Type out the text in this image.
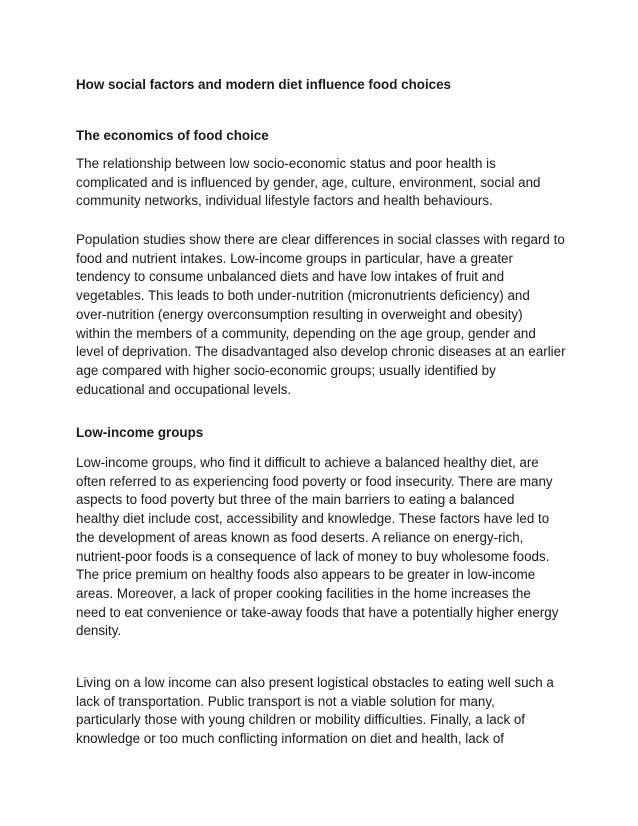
How social factors and modern diet influence food choices
The economics of food choice

The relationship between low socio-economic status and poor health is
complicated and is influenced by gender, age, culture, environment, social and
community networks, individual lifestyle factors and health behaviours.

Population studies show there are clear differences in social classes with regard to
food and nutrient intakes. Low-income groups in particular, have a greater
tendency to consume unbalanced diets and have low intakes of fruit and
vegetables. This leads to both under-nutrition (micronutrients deficiency) and
over-nutrition (energy overconsumption resulting in overweight and obesity)
within the members of a community, depending on the age group, gender and
level of deprivation. The disadvantaged also develop chronic diseases at an earlier
age compared with higher socio-economic groups; usually identified by
educational and occupational levels.

Low-income groups

Low-income groups, who find it difficult to achieve a balanced healthy diet, are
often referred to as experiencing food poverty or food insecurity. There are many
aspects to food poverty but three of the main barriers to eating a balanced
healthy diet include cost, accessibility and knowledge. These factors have led to
the development of areas known as food deserts. A reliance on energy-rich,
nutrient-poor foods is a consequence of lack of money to buy wholesome foods.
The price premium on healthy foods also appears to be greater in low-income
areas. Moreover, a lack of proper cooking facilities in the home increases the
need to eat convenience or take-away foods that have a potentially higher energy
density.

Living on a low income can also present logistical obstacles to eating well such a
lack of transportation. Public transport is not a viable solution for many,
particularly those with young children or mobility difficulties. Finally, a lack of
knowledge or too much conflicting information on diet and health, lack of
